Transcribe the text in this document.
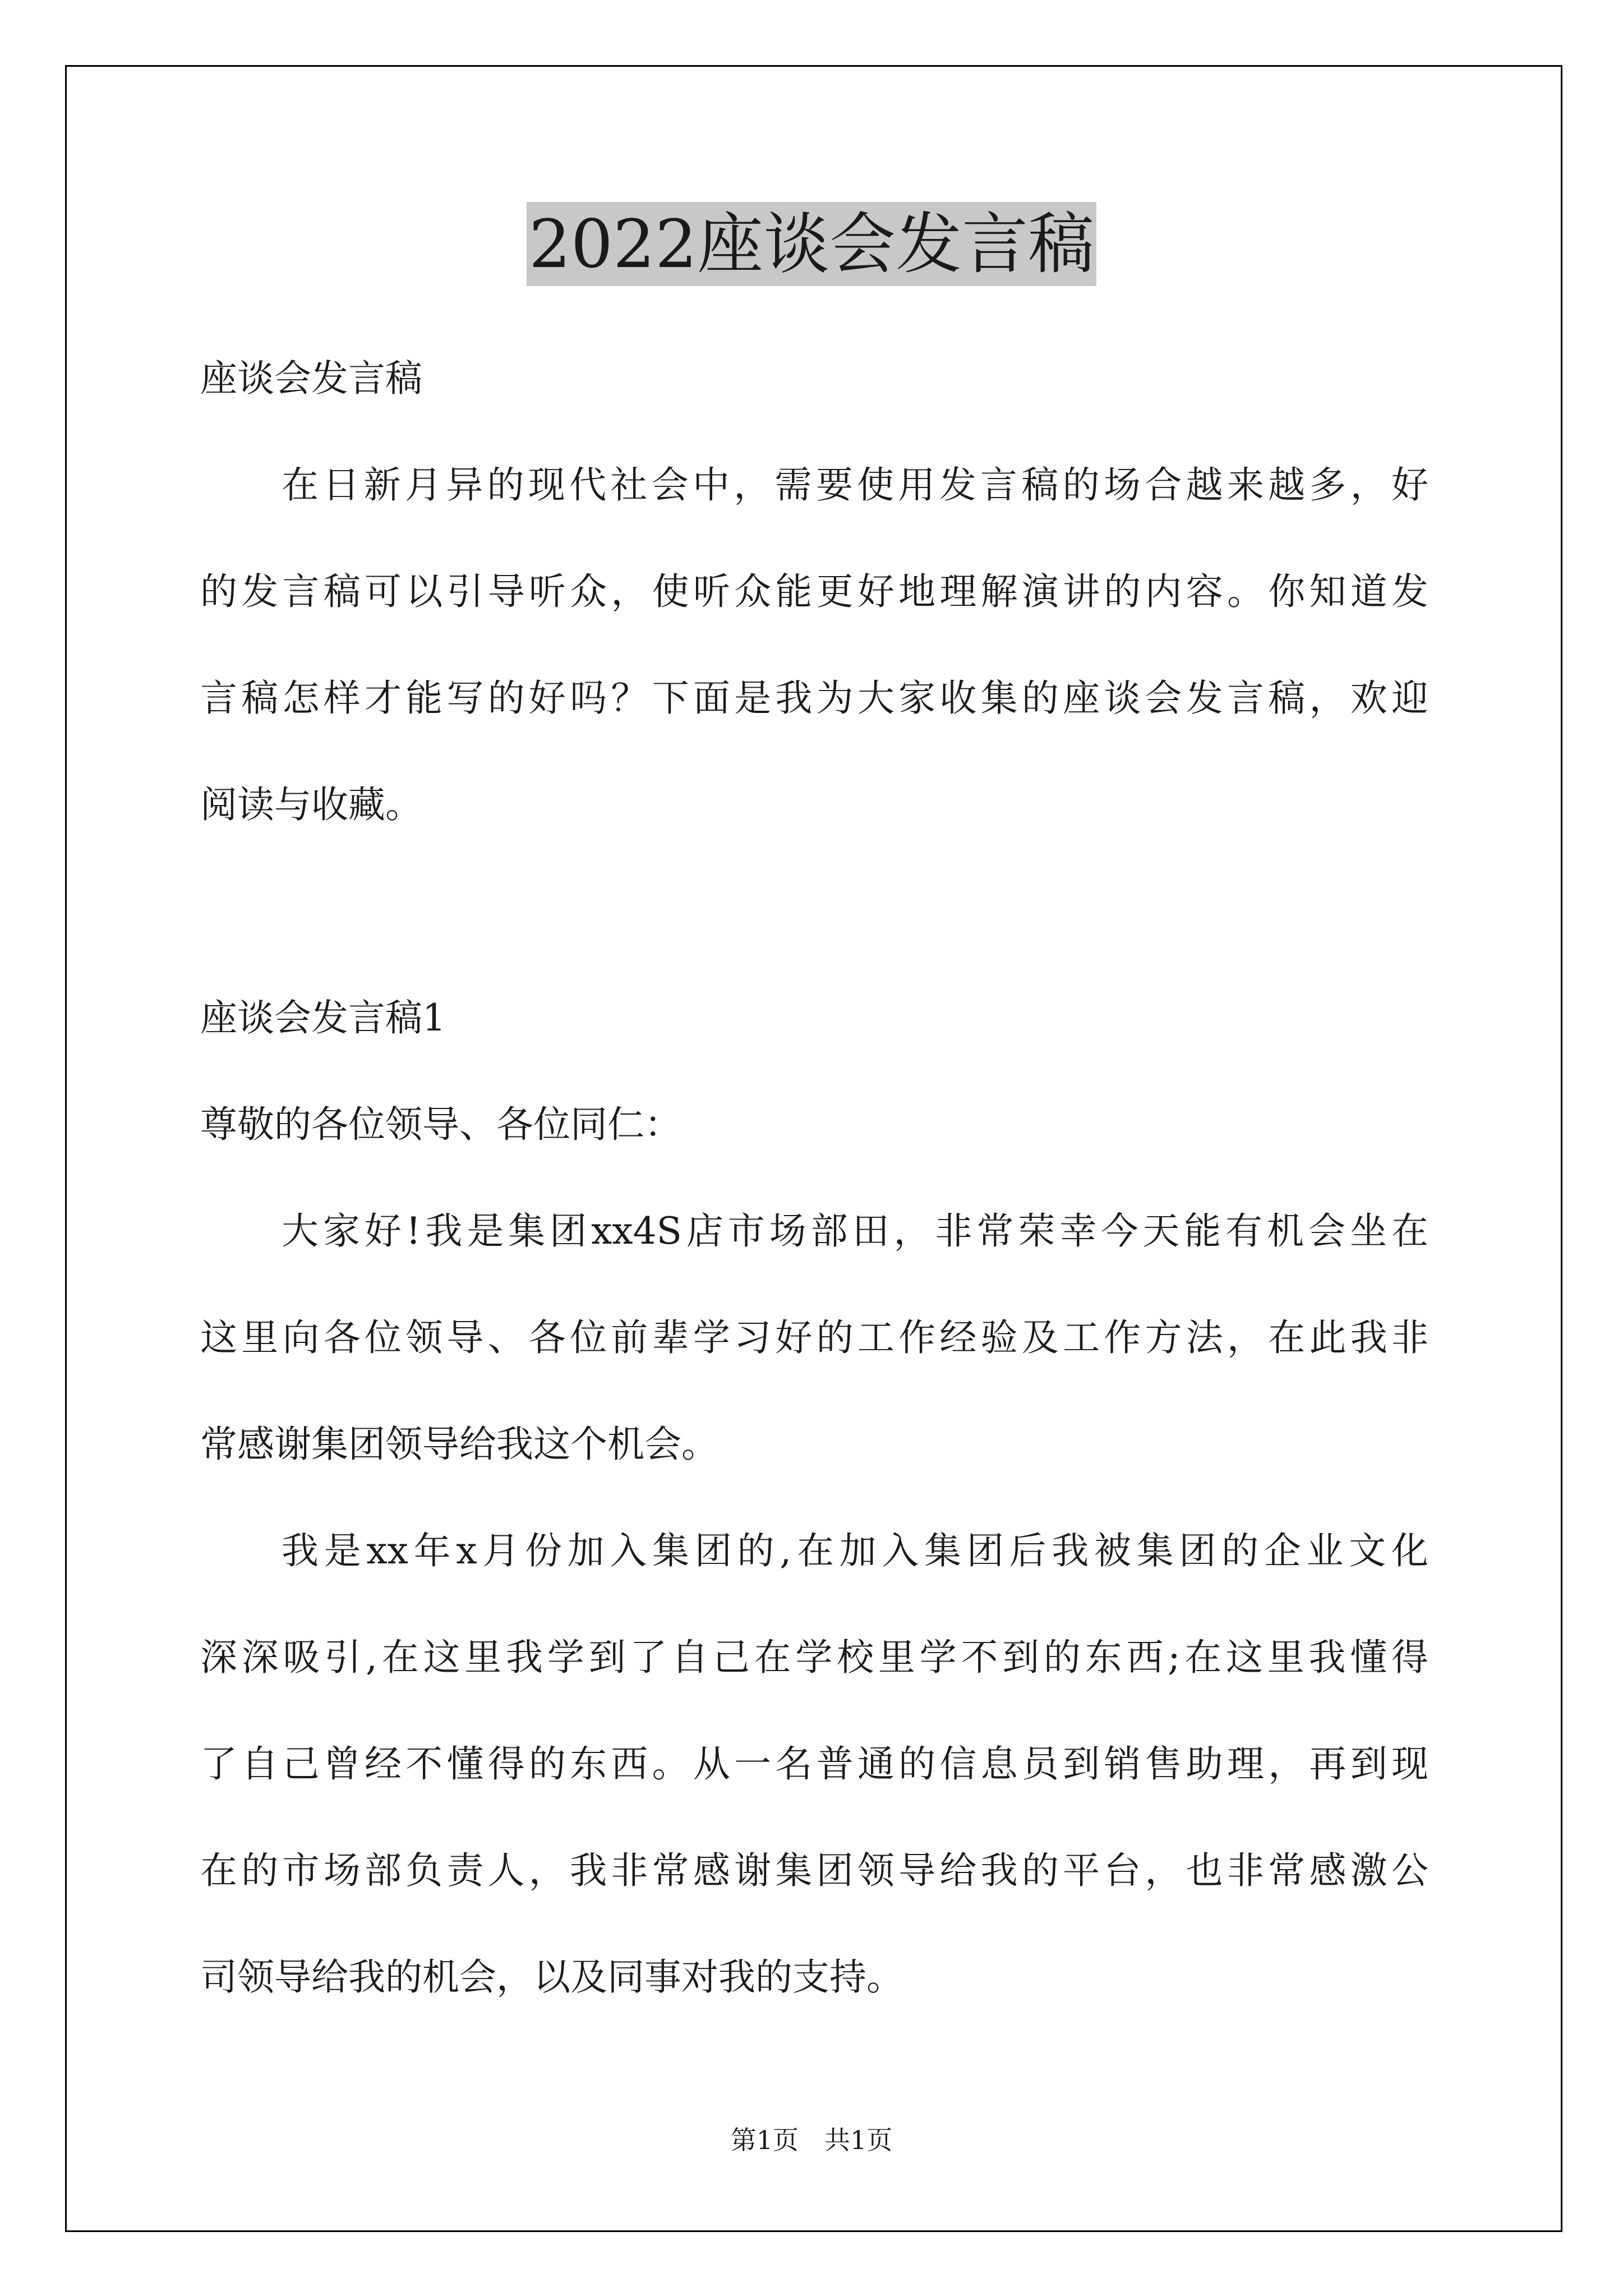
2022座谈会发言稿
座谈会发言稿
在日新月异的现代社会中，需要使用发言稿的场合越来越多，好
的发言稿可以引导听众，使听众能更好地理解演讲的内容。你知道发
言稿怎样才能写的好吗？下面是我为大家收集的座谈会发言稿，欢迎
阅读与收藏。
座谈会发言稿1
尊敬的各位领导、各位同仁：
大家好!我是集团xx4S店市场部田，非常荣幸今天能有机会坐在
这里向各位领导、各位前辈学习好的工作经验及工作方法，在此我非
常感谢集团领导给我这个机会。
我是xx年x月份加入集团的,在加入集团后我被集团的企业文化
深深吸引,在这里我学到了自己在学校里学不到的东西;在这里我懂得
了自己曾经不懂得的东西。从一名普通的信息员到销售助理，再到现
在的市场部负责人，我非常感谢集团领导给我的平台，也非常感激公
司领导给我的机会，以及同事对我的支持。
第1页　共1页
